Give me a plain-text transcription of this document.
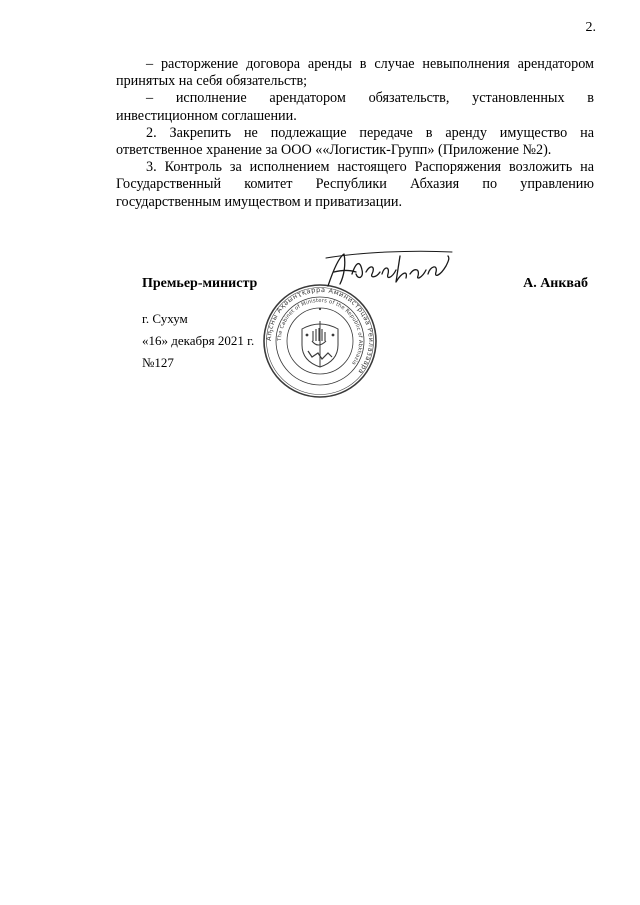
2.

– расторжение договора аренды в случае невыполнения арендатором принятых на себя обязательств;

– исполнение арендатором обязательств, установленных в инвестиционном соглашении.

2. Закрепить не подлежащие передаче в аренду имущество на ответственное хранение за ООО ««Логистик-Групп» (Приложение №2).

3. Контроль за исполнением настоящего Распоряжения возложить на Государственный комитет Республики Абхазия по управлению государственным имуществом и приватизации.

Аҧсны Аҳәынҭқарра Аминистрцәа Реилазаара
The Cabinet of Ministers of the Republic of Abkhazia
Премьер-министр	А. Анкваб
г. Сухум
«16» декабря 2021 г.
№127
